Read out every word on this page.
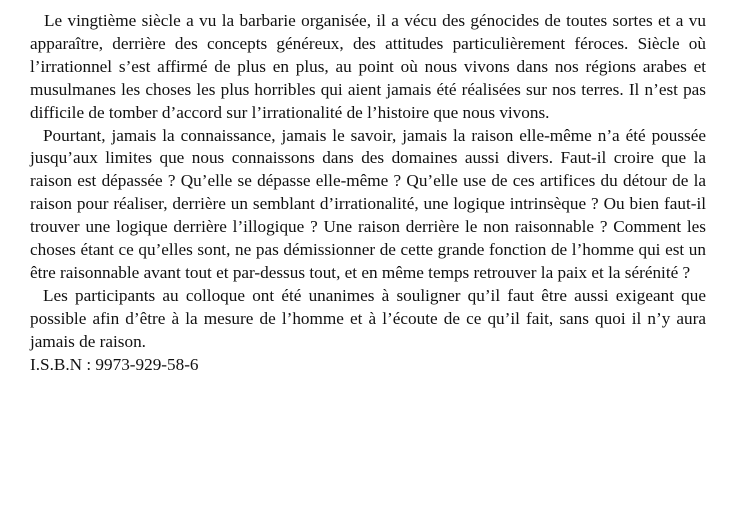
Le vingtième siècle a vu la barbarie organisée, il a vécu des génocides de toutes sortes et a vu apparaître, derrière des concepts généreux, des attitudes particulièrement féroces. Siècle où l’irrationnel s’est affirmé de plus en plus, au point où nous vivons dans nos régions arabes et musulmanes les choses les plus horribles qui aient jamais été réalisées sur nos terres. Il n’est pas difficile de tomber d’accord sur l’irrationalité de l’histoire que nous vivons.

Pourtant, jamais la connaissance, jamais le savoir, jamais la raison elle-même n’a été poussée jusqu’aux limites que nous connaissons dans des domaines aussi divers. Faut-il croire que la raison est dépassée ? Qu’elle se dépasse elle-même ? Qu’elle use de ces artifices du détour de la raison pour réaliser, derrière un semblant d’irrationalité, une logique intrinsèque ? Ou bien faut-il trouver une logique derrière l’illogique ? Une raison derrière le non raisonnable ? Comment les choses étant ce qu’elles sont, ne pas démissionner de cette grande fonction de l’homme qui est un être raisonnable avant tout et par-dessus tout, et en même temps retrouver la paix et la sérénité ?

Les participants au colloque ont été unanimes à souligner qu’il faut être aussi exigeant que possible afin d’être à la mesure de l’homme et à l’écoute de ce qu’il fait, sans quoi il n’y aura jamais de raison.

I.S.B.N : 9973-929-58-6
